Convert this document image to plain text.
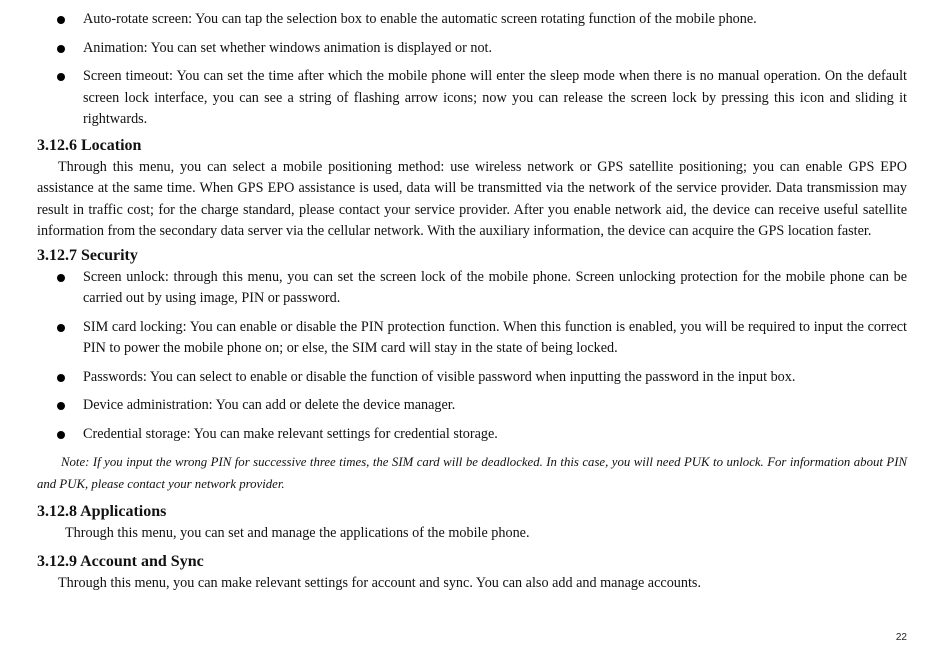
Auto-rotate screen: You can tap the selection box to enable the automatic screen rotating function of the mobile phone.
Animation: You can set whether windows animation is displayed or not.
Screen timeout: You can set the time after which the mobile phone will enter the sleep mode when there is no manual operation. On the default screen lock interface, you can see a string of flashing arrow icons; now you can release the screen lock by pressing this icon and sliding it rightwards.
3.12.6 Location

Through this menu, you can select a mobile positioning method: use wireless network or GPS satellite positioning; you can enable GPS EPO assistance at the same time. When GPS EPO assistance is used, data will be transmitted via the network of the service provider. Data transmission may result in traffic cost; for the charge standard, please contact your service provider. After you enable network aid, the device can receive useful satellite information from the secondary data server via the cellular network. With the auxiliary information, the device can acquire the GPS location faster.

3.12.7 Security
Screen unlock: through this menu, you can set the screen lock of the mobile phone. Screen unlocking protection for the mobile phone can be carried out by using image, PIN or password.
SIM card locking: You can enable or disable the PIN protection function. When this function is enabled, you will be required to input the correct PIN to power the mobile phone on; or else, the SIM card will stay in the state of being locked.
Passwords: You can select to enable or disable the function of visible password when inputting the password in the input box.
Device administration: You can add or delete the device manager.
Credential storage: You can make relevant settings for credential storage.

Note: If you input the wrong PIN for successive three times, the SIM card will be deadlocked. In this case, you will need PUK to unlock. For information about PIN and PUK, please contact your network provider.

3.12.8 Applications

Through this menu, you can set and manage the applications of the mobile phone.

3.12.9 Account and Sync

Through this menu, you can make relevant settings for account and sync. You can also add and manage accounts.

22
